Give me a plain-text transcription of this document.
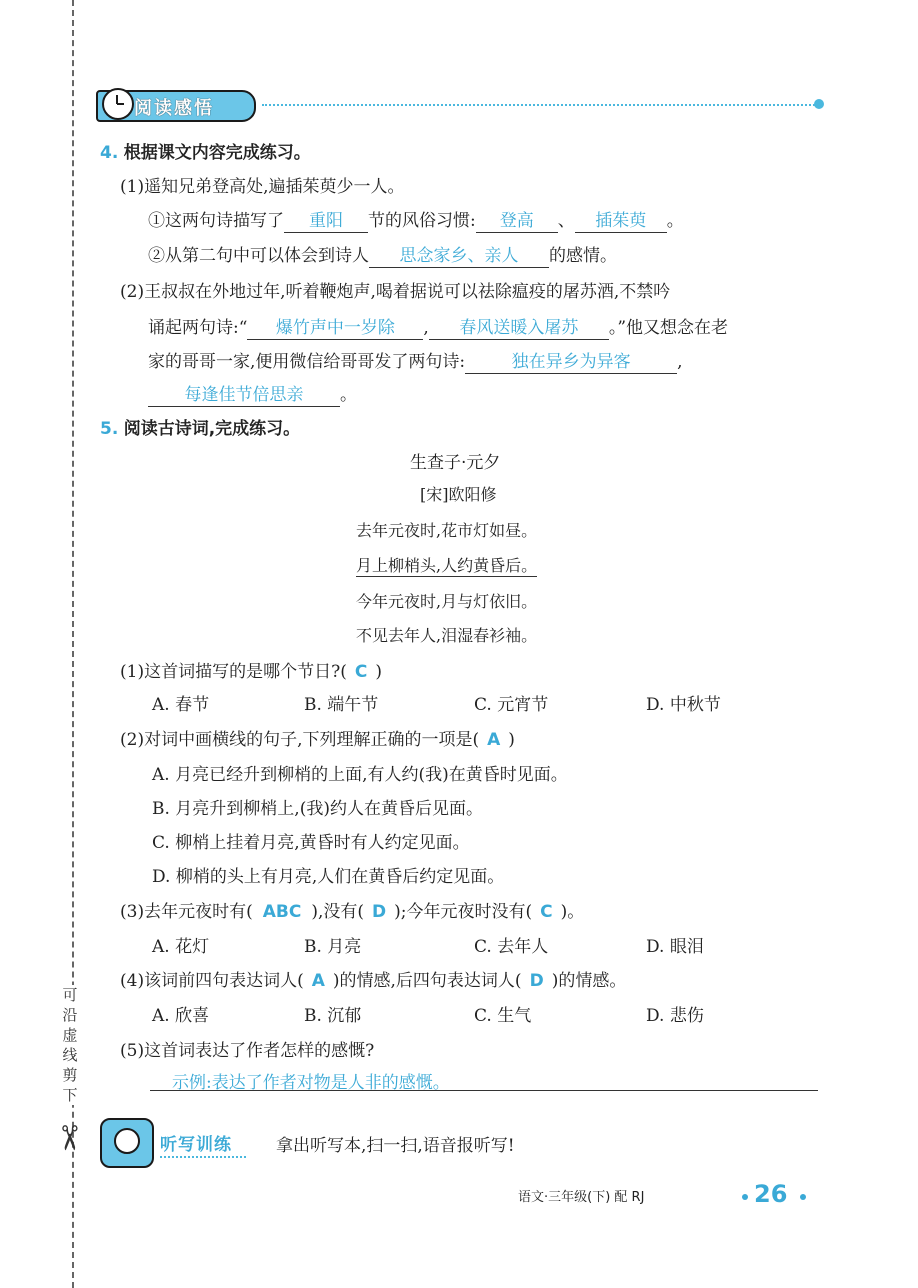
可沿虚线剪下
✂
阅读感悟
4. 根据课文内容完成练习。
(1)遥知兄弟登高处,遍插茱萸少一人。
①这两句诗描写了 重阳 节的风俗习惯: 登高 、 插茱萸 。
②从第二句中可以体会到诗人 思念家乡、亲人 的感情。
(2)王叔叔在外地过年,听着鞭炮声,喝着据说可以祛除瘟疫的屠苏酒,不禁吟
诵起两句诗:“ 爆竹声中一岁除 , 春风送暖入屠苏 。”他又想念在老
家的哥哥一家,便用微信给哥哥发了两句诗:	独在异乡为异客	,
每逢佳节倍思亲 。
5. 阅读古诗词,完成练习。
生查子·元夕
[宋]欧阳修
去年元夜时,花市灯如昼。
月上柳梢头,人约黄昏后。
今年元夜时,月与灯依旧。
不见去年人,泪湿春衫袖。
(1)这首词描写的是哪个节日?( C )
A. 春节	B. 端午节	C. 元宵节	D. 中秋节
(2)对词中画横线的句子,下列理解正确的一项是( A )
A. 月亮已经升到柳梢的上面,有人约(我)在黄昏时见面。
B. 月亮升到柳梢上,(我)约人在黄昏后见面。
C. 柳梢上挂着月亮,黄昏时有人约定见面。
D. 柳梢的头上有月亮,人们在黄昏后约定见面。
(3)去年元夜时有( ABC ),没有( D );今年元夜时没有( C )。
A. 花灯	B. 月亮	C. 去年人	D. 眼泪
(4)该词前四句表达词人( A )的情感,后四句表达词人( D )的情感。
A. 欣喜	B. 沉郁	C. 生气	D. 悲伤
(5)这首词表达了作者怎样的感慨?
示例:表达了作者对物是人非的感慨。
听写训练	拿出听写本,扫一扫,语音报听写!
语文·三年级(下) 配 RJ	26
